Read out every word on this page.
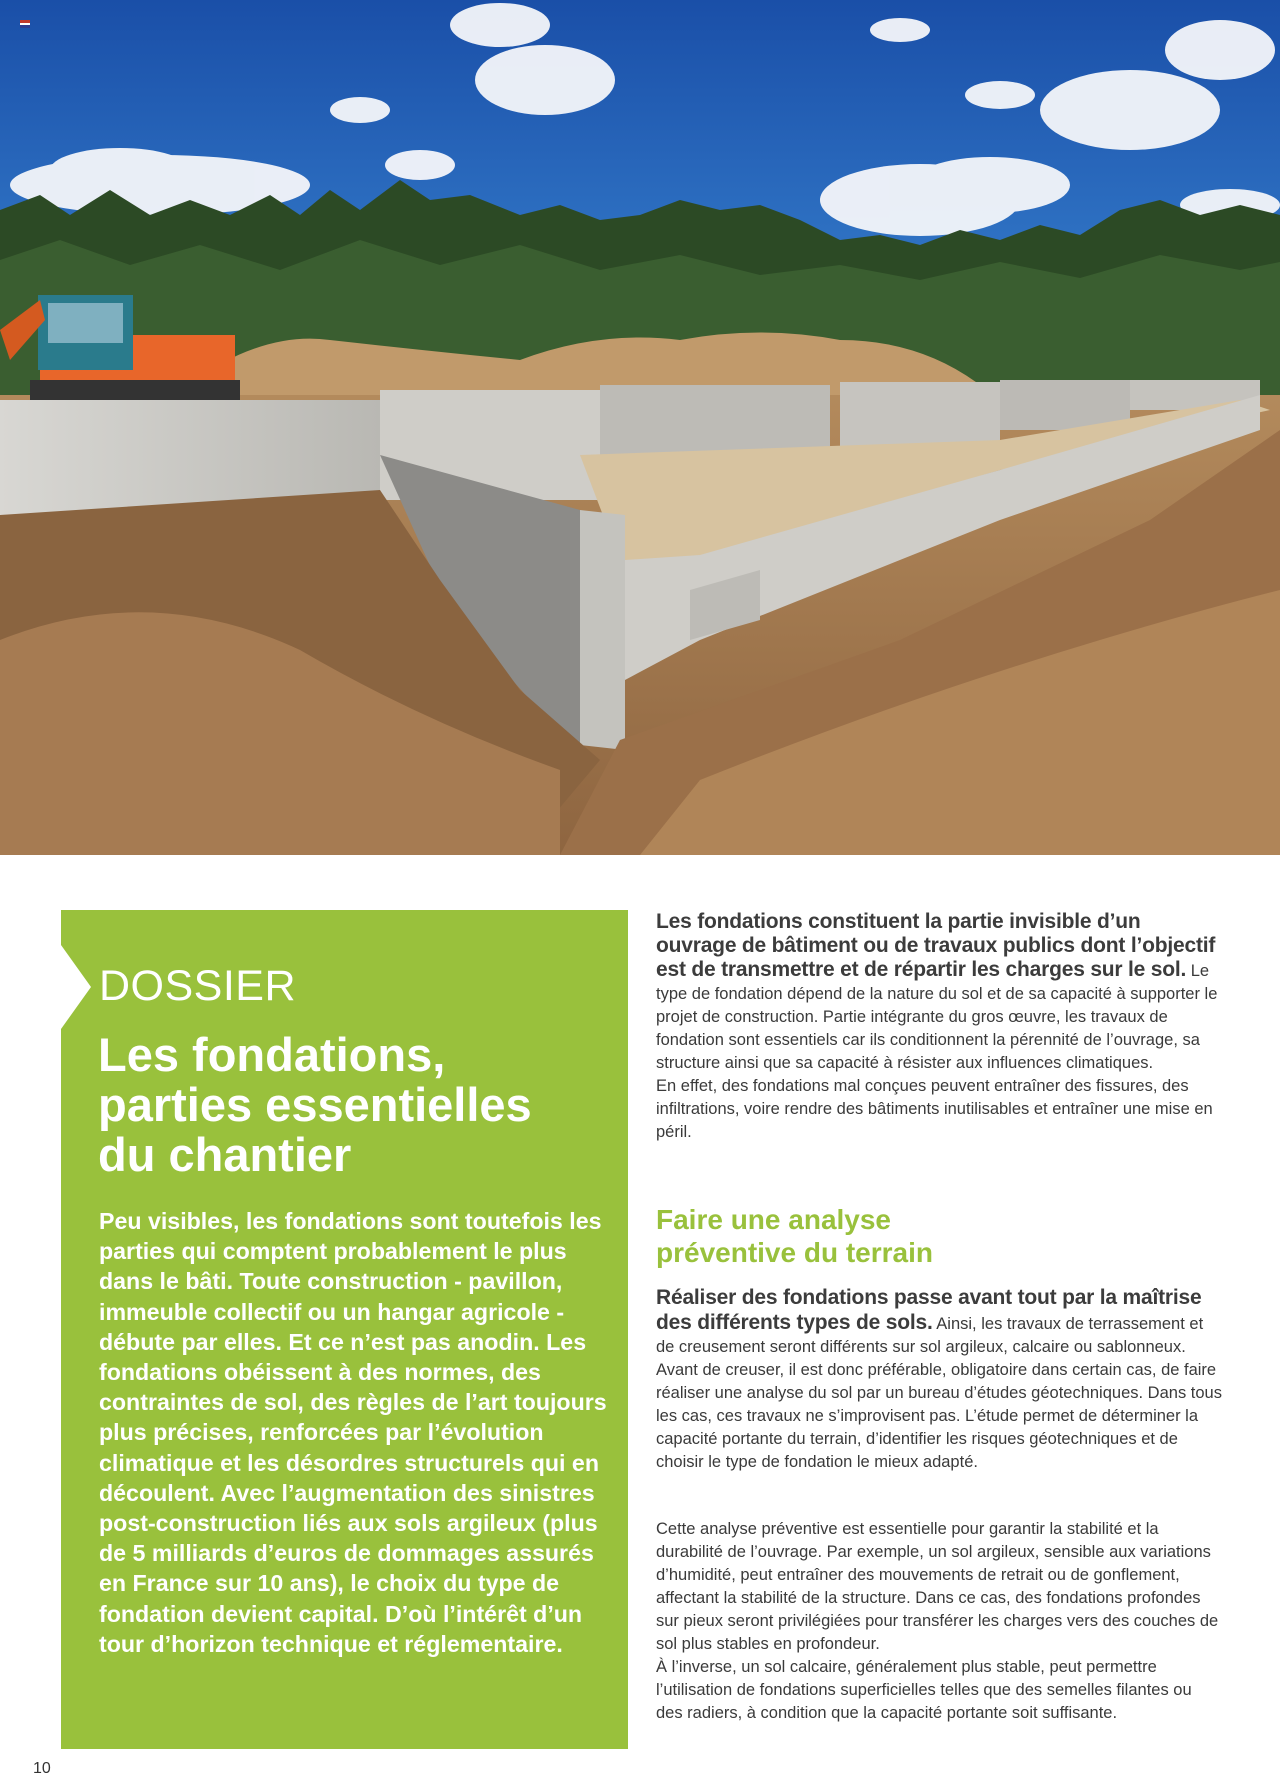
DOSSIER
Les fondations,
parties essentielles
du chantier

Peu visibles, les fondations sont toutefois les parties qui comptent probablement le plus dans le bâti. Toute construction - pavillon, immeuble collectif ou un hangar agricole - débute par elles. Et ce n’est pas anodin. Les fondations obéissent à des normes, des contraintes de sol, des règles de l’art toujours plus précises, renforcées par l’évolution climatique et les désordres structurels qui en découlent. Avec l’augmentation des sinistres post-construction liés aux sols argileux (plus de 5 milliards d’euros de dommages assurés en France sur 10 ans), le choix du type de fondation devient capital. D’où l’intérêt d’un tour d’horizon technique et réglementaire.

Les fondations constituent la partie invisible d’un ouvrage de bâtiment ou de travaux publics dont l’objectif est de transmettre et de répartir les charges sur le sol. Le type de fondation dépend de la nature du sol et de sa capacité à supporter le projet de construction. Partie intégrante du gros œuvre, les travaux de fondation sont essentiels car ils conditionnent la pérennité de l’ouvrage, sa structure ainsi que sa capacité à résister aux influences climatiques.
En effet, des fondations mal conçues peuvent entraîner des fissures, des infiltrations, voire rendre des bâtiments inutilisables et entraîner une mise en péril.

Faire une analyse
préventive du terrain

Réaliser des fondations passe avant tout par la maîtrise des différents types de sols. Ainsi, les travaux de terrassement et de creusement seront différents sur sol argileux, calcaire ou sablonneux. Avant de creuser, il est donc préférable, obligatoire dans certain cas, de faire réaliser une analyse du sol par un bureau d’études géotechniques. Dans tous les cas, ces travaux ne s’improvisent pas. L’étude permet de déterminer la capacité portante du terrain, d’identifier les risques géotechniques et de choisir le type de fondation le mieux adapté.

Cette analyse préventive est essentielle pour garantir la stabilité et la durabilité de l’ouvrage. Par exemple, un sol argileux, sensible aux variations d’humidité, peut entraîner des mouvements de retrait ou de gonflement, affectant la stabilité de la structure. Dans ce cas, des fondations profondes sur pieux seront privilégiées pour transférer les charges vers des couches de sol plus stables en profondeur.
À l’inverse, un sol calcaire, généralement plus stable, peut permettre l’utilisation de fondations superficielles telles que des semelles filantes ou des radiers, à condition que la capacité portante soit suffisante.

10
